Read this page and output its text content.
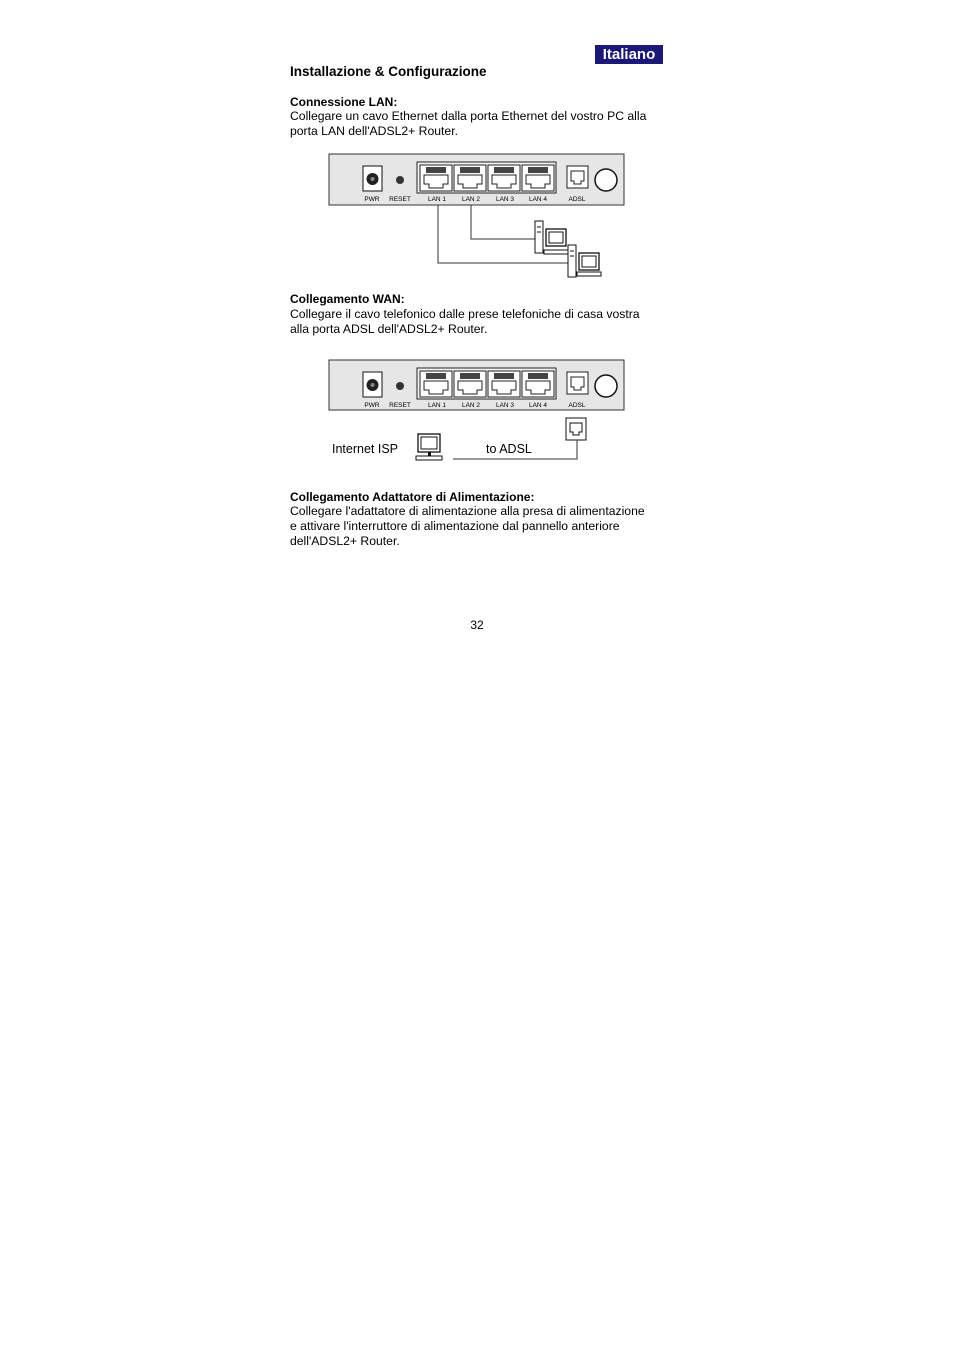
Italiano
Installazione & Configurazione
Connessione LAN:
Collegare un cavo Ethernet dalla porta Ethernet del vostro PC alla
porta LAN dell'ADSL2+ Router.
PWR RESET	LAN 1 LAN 2 LAN 3 LAN 4	ADSL
Collegamento WAN:
Collegare il cavo telefonico dalle prese telefoniche di casa vostra
alla porta ADSL dell'ADSL2+ Router.
PWR RESET	LAN 1 LAN 2 LAN 3 LAN 4	ADSL
Internet ISP	to ADSL
Collegamento Adattatore di Alimentazione:
Collegare l'adattatore di alimentazione alla presa di alimentazione
e attivare l'interruttore di alimentazione dal pannello anteriore
dell'ADSL2+ Router.
32
